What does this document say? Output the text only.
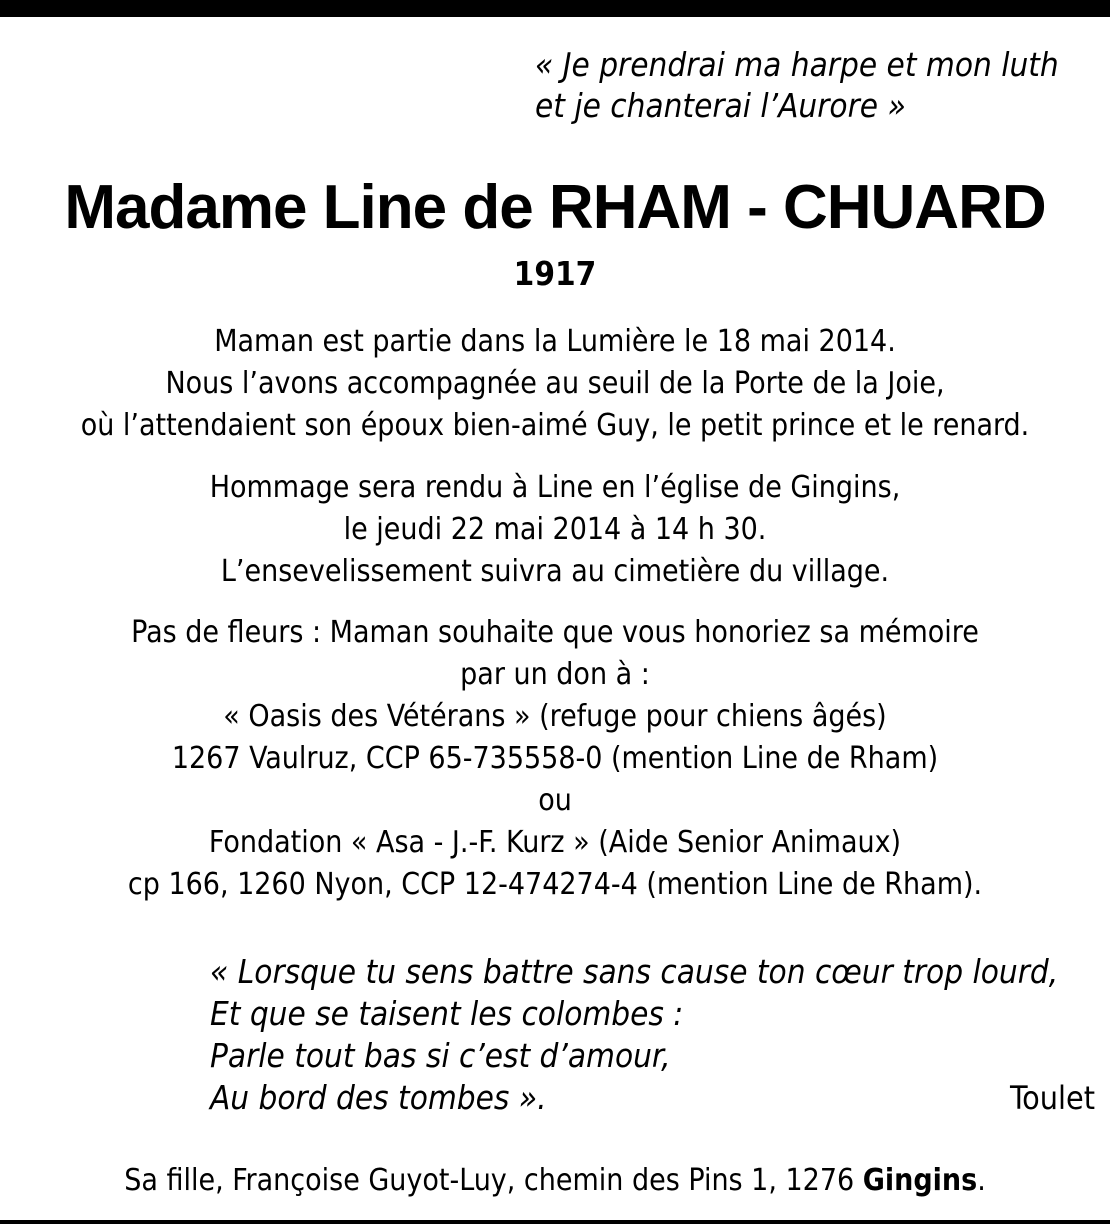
« Je prendrai ma harpe et mon luth
et je chanterai l’Aurore »
Madame Line de RHAM - CHUARD
1917
Maman est partie dans la Lumière le 18 mai 2014.
Nous l’avons accompagnée au seuil de la Porte de la Joie,
où l’attendaient son époux bien-aimé Guy, le petit prince et le renard.
Hommage sera rendu à Line en l’église de Gingins,
le jeudi 22 mai 2014 à 14 h 30.
L’ensevelissement suivra au cimetière du village.
Pas de fleurs : Maman souhaite que vous honoriez sa mémoire
par un don à :
« Oasis des Vétérans » (refuge pour chiens âgés)
1267 Vaulruz, CCP 65-735558-0 (mention Line de Rham)
ou
Fondation « Asa - J.-F. Kurz » (Aide Senior Animaux)
cp 166, 1260 Nyon, CCP 12-474274-4 (mention Line de Rham).
« Lorsque tu sens battre sans cause ton cœur trop lourd,
Et que se taisent les colombes :
Parle tout bas si c’est d’amour,
Au bord des tombes ».	Toulet
Sa fille, Françoise Guyot-Luy, chemin des Pins 1, 1276 Gingins.
